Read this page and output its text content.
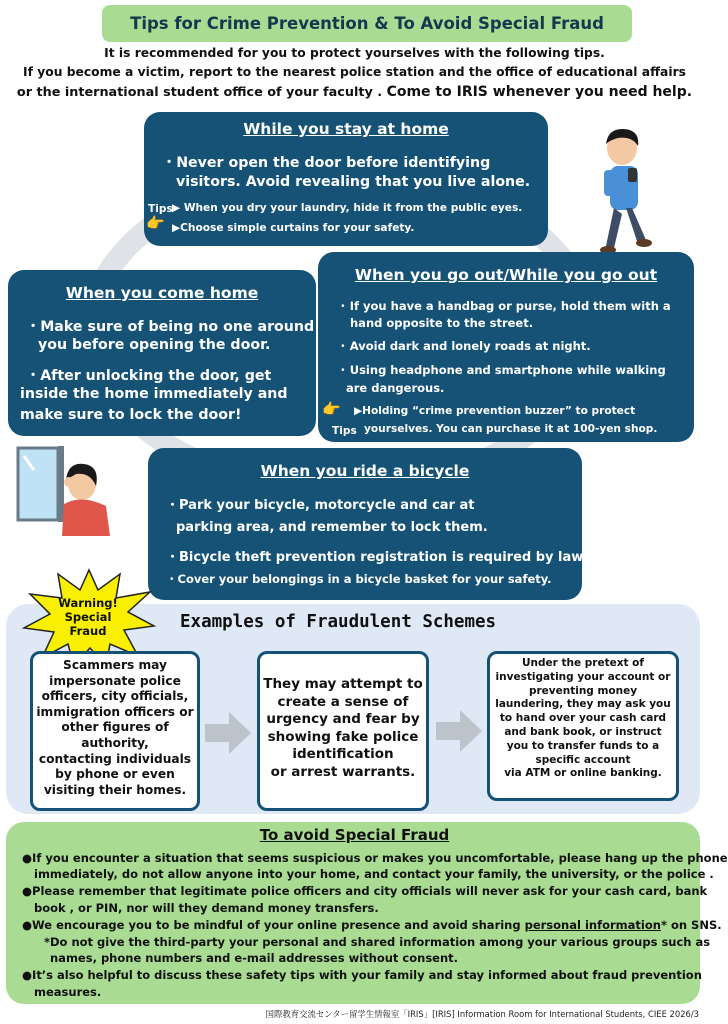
Tips for Crime Prevention & To Avoid Special Fraud
It is recommended for you to protect yourselves with the following tips.
If you become a victim, report to the nearest police station and the office of educational affairs
or the international student office of your faculty . Come to IRIS whenever you need help.
While you stay at home
・Never open the door before identifying
visitors. Avoid revealing that you live alone.
Tips ▶ When you dry your laundry, hide it from the public eyes.
👉 ▶Choose simple curtains for your safety.
When you go out/While you go out
･ If you have a handbag or purse, hold them with a
hand opposite to the street.
･ Avoid dark and lonely roads at night.
･ Using headphone and smartphone while walking
are dangerous.
👉 ▶Holding “crime prevention buzzer” to protect
Tips yourselves. You can purchase it at 100-yen shop.
When you come home
・Make sure of being no one around
you before opening the door.
・After unlocking the door, get
inside the home immediately and
make sure to lock the door!
When you ride a bicycle
・Park your bicycle, motorcycle and car at
parking area, and remember to lock them.
・Bicycle theft prevention registration is required by law.
・Cover your belongings in a bicycle basket for your safety.
Examples of Fraudulent Schemes
Warning!
Special
Fraud
Scammers may
impersonate police
officers, city officials,
immigration officers or
other figures of
authority,
contacting individuals
by phone or even
visiting their homes.
They may attempt to
create a sense of
urgency and fear by
showing fake police
identification
or arrest warrants.
Under the pretext of
investigating your account or
preventing money
laundering, they may ask you
to hand over your cash card
and bank book, or instruct
you to transfer funds to a
specific account
via ATM or online banking.
To avoid Special Fraud
●If you encounter a situation that seems suspicious or makes you uncomfortable, please hang up the phone
immediately, do not allow anyone into your home, and contact your family, the university, or the police .
●Please remember that legitimate police officers and city officials will never ask for your cash card, bank
book , or PIN, nor will they demand money transfers.
●We encourage you to be mindful of your online presence and avoid sharing personal information* on SNS.
*Do not give the third-party your personal and shared information among your various groups such as
names, phone numbers and e-mail addresses without consent.
●It’s also helpful to discuss these safety tips with your family and stay informed about fraud prevention
measures.
国際教育交流センター留学生情報室「IRIS」[IRIS] Information Room for International Students, CIEE 2026/3
